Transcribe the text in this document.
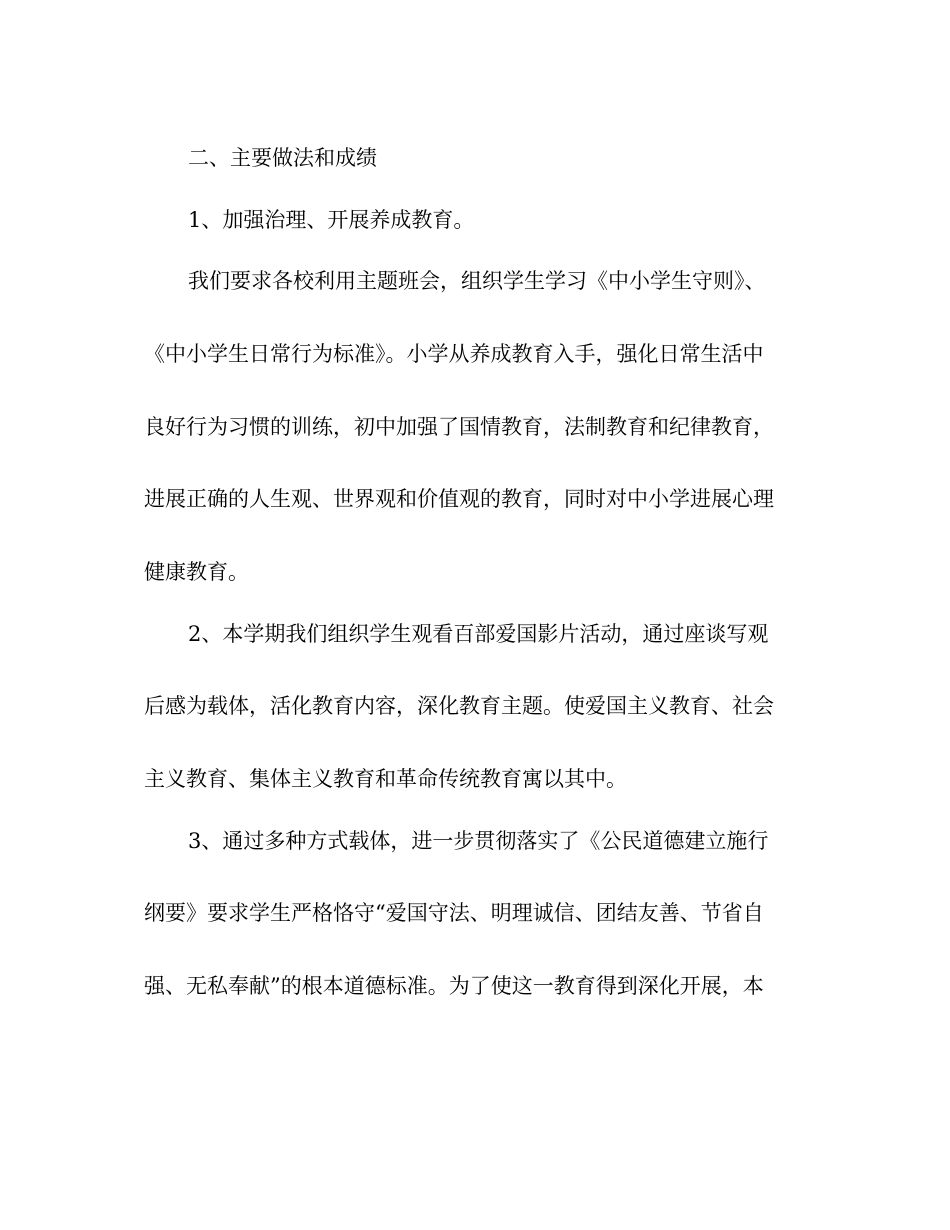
二、主要做法和成绩
1、加强治理、开展养成教育。
我们要求各校利用主题班会，组织学生学习《中小学生守则》、
《中小学生日常行为标准》。小学从养成教育入手，强化日常生活中
良好行为习惯的训练，初中加强了国情教育，法制教育和纪律教育，
进展正确的人生观、世界观和价值观的教育，同时对中小学进展心理
健康教育。
2、本学期我们组织学生观看百部爱国影片活动，通过座谈写观
后感为载体，活化教育内容，深化教育主题。使爱国主义教育、社会
主义教育、集体主义教育和革命传统教育寓以其中。
3、通过多种方式载体，进一步贯彻落实了《公民道德建立施行
纲要》要求学生严格恪守“爱国守法、明理诚信、团结友善、节省自
强、无私奉献”的根本道德标准。为了使这一教育得到深化开展，本
